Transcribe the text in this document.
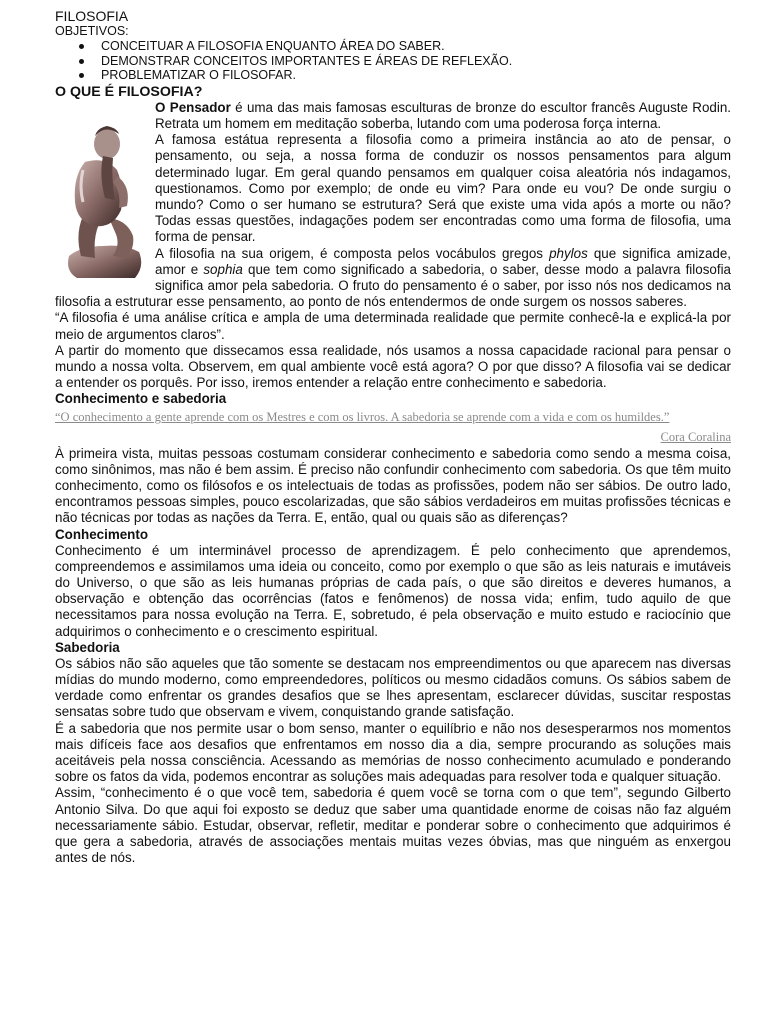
FILOSOFIA
OBJETIVOS:
CONCEITUAR A FILOSOFIA ENQUANTO ÁREA DO SABER.
DEMONSTRAR CONCEITOS IMPORTANTES E ÁREAS DE REFLEXÃO.
PROBLEMATIZAR O FILOSOFAR.
O QUE É FILOSOFIA?

O Pensador é uma das mais famosas esculturas de bronze do escultor francês Auguste Rodin. Retrata um homem em meditação soberba, lutando com uma poderosa força interna.

A famosa estátua representa a filosofia como a primeira instância ao ato de pensar, o pensamento, ou seja, a nossa forma de conduzir os nossos pensamentos para algum determinado lugar. Em geral quando pensamos em qualquer coisa aleatória nós indagamos, questionamos. Como por exemplo; de onde eu vim? Para onde eu vou? De onde surgiu o mundo? Como o ser humano se estrutura? Será que existe uma vida após a morte ou não? Todas essas questões, indagações podem ser encontradas como uma forma de filosofia, uma forma de pensar.

A filosofia na sua origem, é composta pelos vocábulos gregos phylos que significa amizade, amor e sophia que tem como significado a sabedoria, o saber, desse modo a palavra filosofia significa amor pela sabedoria. O fruto do pensamento é o saber, por isso nós nos dedicamos na filosofia a estruturar esse pensamento, ao ponto de nós entendermos de onde surgem os nossos saberes.

“A filosofia é uma análise crítica e ampla de uma determinada realidade que permite conhecê-la e explicá-la por meio de argumentos claros”.

A partir do momento que dissecamos essa realidade, nós usamos a nossa capacidade racional para pensar o mundo a nossa volta. Observem, em qual ambiente você está agora? O por que disso? A filosofia vai se dedicar a entender os porquês. Por isso, iremos entender a relação entre conhecimento e sabedoria.

Conhecimento e sabedoria
“O conhecimento a gente aprende com os Mestres e com os livros. A sabedoria se aprende com a vida e com os humildes.”
Cora Coralina

À primeira vista, muitas pessoas costumam considerar conhecimento e sabedoria como sendo a mesma coisa, como sinônimos, mas não é bem assim. É preciso não confundir conhecimento com sabedoria. Os que têm muito conhecimento, como os filósofos e os intelectuais de todas as profissões, podem não ser sábios. De outro lado, encontramos pessoas simples, pouco escolarizadas, que são sábios verdadeiros em muitas profissões técnicas e não técnicas por todas as nações da Terra. E, então, qual ou quais são as diferenças?

Conhecimento

Conhecimento é um interminável processo de aprendizagem. É pelo conhecimento que aprendemos, compreendemos e assimilamos uma ideia ou conceito, como por exemplo o que são as leis naturais e imutáveis do Universo, o que são as leis humanas próprias de cada país, o que são direitos e deveres humanos, a observação e obtenção das ocorrências (fatos e fenômenos) de nossa vida; enfim, tudo aquilo de que necessitamos para nossa evolução na Terra. E, sobretudo, é pela observação e muito estudo e raciocínio que adquirimos o conhecimento e o crescimento espiritual.

Sabedoria

Os sábios não são aqueles que tão somente se destacam nos empreendimentos ou que aparecem nas diversas mídias do mundo moderno, como empreendedores, políticos ou mesmo cidadãos comuns. Os sábios sabem de verdade como enfrentar os grandes desafios que se lhes apresentam, esclarecer dúvidas, suscitar respostas sensatas sobre tudo que observam e vivem, conquistando grande satisfação.

É a sabedoria que nos permite usar o bom senso, manter o equilíbrio e não nos desesperarmos nos momentos mais difíceis face aos desafios que enfrentamos em nosso dia a dia, sempre procurando as soluções mais aceitáveis pela nossa consciência. Acessando as memórias de nosso conhecimento acumulado e ponderando sobre os fatos da vida, podemos encontrar as soluções mais adequadas para resolver toda e qualquer situação.

Assim, “conhecimento é o que você tem, sabedoria é quem você se torna com o que tem”, segundo Gilberto Antonio Silva. Do que aqui foi exposto se deduz que saber uma quantidade enorme de coisas não faz alguém necessariamente sábio. Estudar, observar, refletir, meditar e ponderar sobre o conhecimento que adquirimos é que gera a sabedoria, através de associações mentais muitas vezes óbvias, mas que ninguém as enxergou antes de nós.
